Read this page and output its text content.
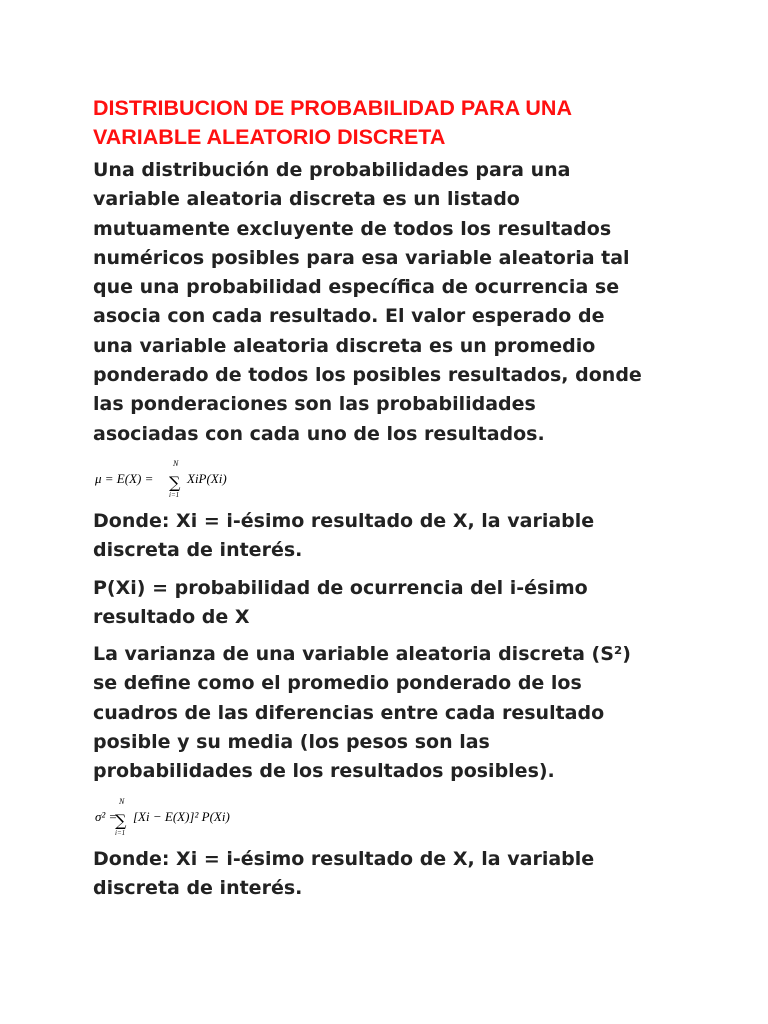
DISTRIBUCION DE PROBABILIDAD PARA UNA
VARIABLE ALEATORIO DISCRETA
Una distribución de probabilidades para una
variable aleatoria discreta es un listado
mutuamente excluyente de todos los resultados
numéricos posibles para esa variable aleatoria tal
que una probabilidad específica de ocurrencia se
asocia con cada resultado. El valor esperado de
una variable aleatoria discreta es un promedio
ponderado de todos los posibles resultados, donde
las ponderaciones son las probabilidades
asociadas con cada uno de los resultados.
μ = E(X) =
N
∑
i=1
XiP(Xi)
Donde: Xi = i-ésimo resultado de X, la variable
discreta de interés.
P(Xi) = probabilidad de ocurrencia del i-ésimo
resultado de X
La varianza de una variable aleatoria discreta (S²)
se define como el promedio ponderado de los
cuadros de las diferencias entre cada resultado
posible y su media (los pesos son las
probabilidades de los resultados posibles).
σ² =
N
∑
i=1
[Xi − E(X)]² P(Xi)
Donde: Xi = i-ésimo resultado de X, la variable
discreta de interés.
